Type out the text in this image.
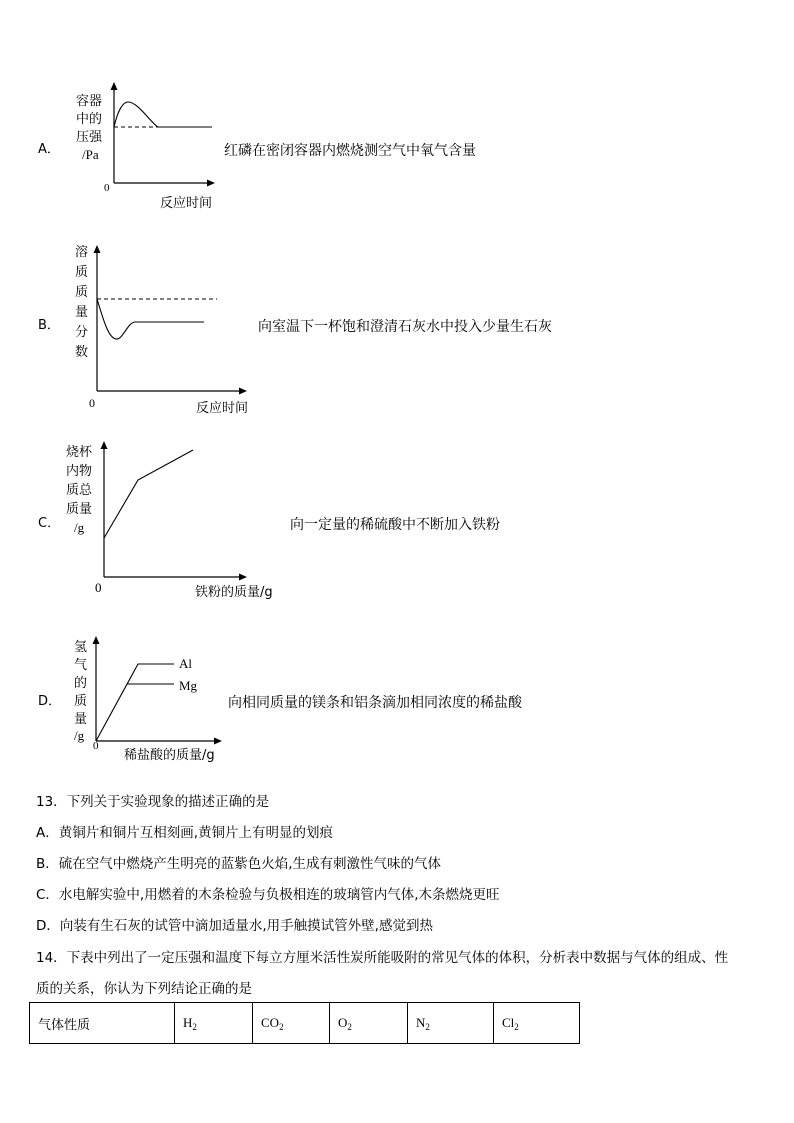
A．
容器
中的
压强
/Pa
0
反应时间
红磷在密闭容器内燃烧测空气中氧气含量
B．
溶
质
质
量
分
数
0	反应时间
向室温下一杯饱和澄清石灰水中投入少量生石灰
C．
烧杯
内物
质总
质量
/g
0	铁粉的质量/g
向一定量的稀硫酸中不断加入铁粉
D．
氢
气
的
质
量
/g
0
稀盐酸的质量/g
Al
Mg
向相同质量的镁条和铝条滴加相同浓度的稀盐酸
13．下列关于实验现象的描述正确的是
A．黄铜片和铜片互相刻画,黄铜片上有明显的划痕
B．硫在空气中燃烧产生明亮的蓝紫色火焰,生成有刺激性气味的气体
C．水电解实验中,用燃着的木条检验与负极相连的玻璃管内气体,木条燃烧更旺
D．向装有生石灰的试管中滴加适量水,用手触摸试管外壁,感觉到热
14．下表中列出了一定压强和温度下每立方厘米活性炭所能吸附的常见气体的体积，分析表中数据与气体的组成、性
质的关系，你认为下列结论正确的是
气体性质	$H_2$	$CO_2$	$O_2$	$N_2$	$Cl_2$
